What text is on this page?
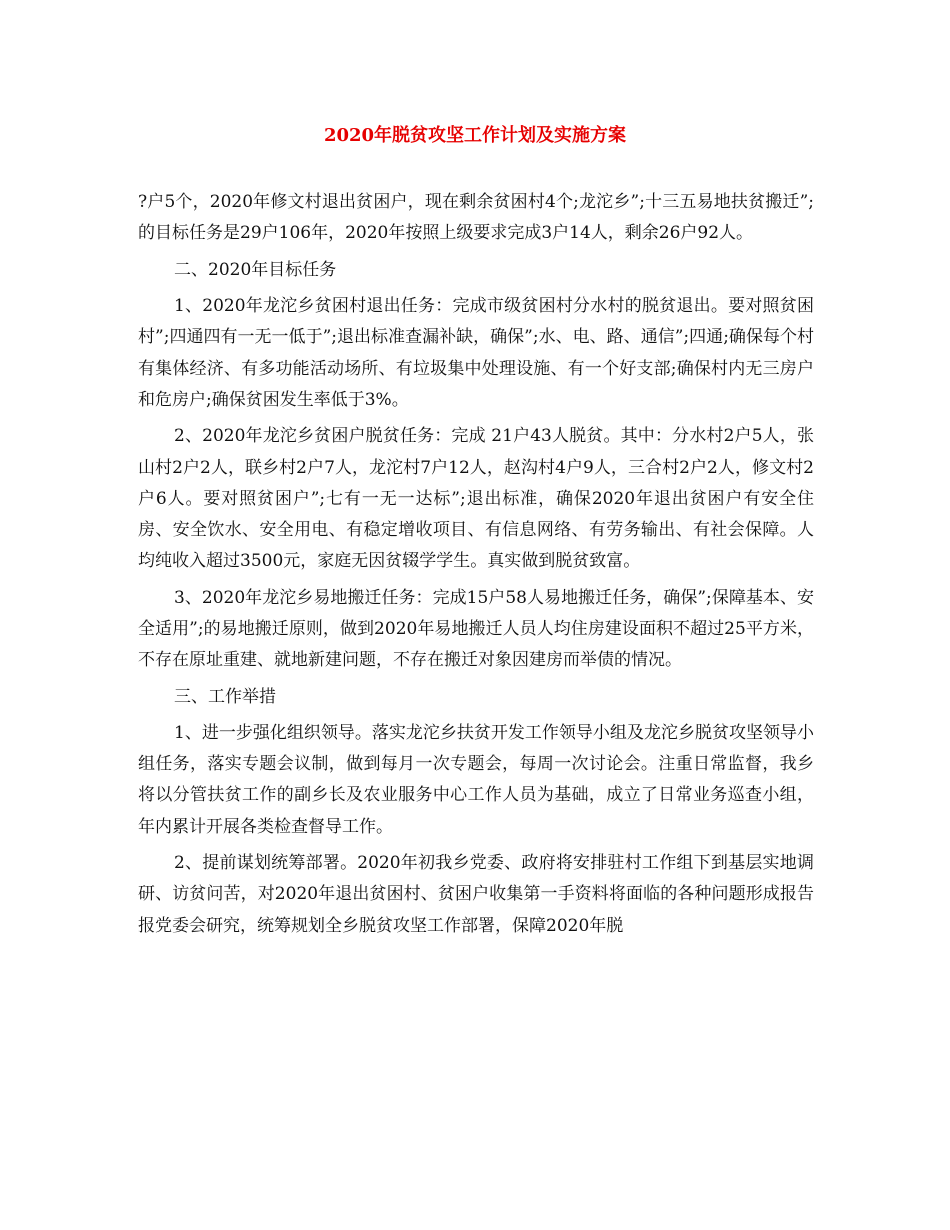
2020年脱贫攻坚工作计划及实施方案

?户5个，2020年修文村退出贫困户，现在剩余贫困村4个;龙沱乡”;十三五易地扶贫搬迁”;的目标任务是29户106年，2020年按照上级要求完成3户14人，剩余26户92人。

二、2020年目标任务

1、2020年龙沱乡贫困村退出任务：完成市级贫困村分水村的脱贫退出。要对照贫困村”;四通四有一无一低于”;退出标准查漏补缺，确保”;水、电、路、通信”;四通;确保每个村有集体经济、有多功能活动场所、有垃圾集中处理设施、有一个好支部;确保村内无三房户和危房户;确保贫困发生率低于3%。

2、2020年龙沱乡贫困户脱贫任务：完成 21户43人脱贫。其中：分水村2户5人，张山村2户2人，联乡村2户7人，龙沱村7户12人，赵沟村4户9人，三合村2户2人，修文村2户6人。要对照贫困户”;七有一无一达标”;退出标准，确保2020年退出贫困户有安全住房、安全饮水、安全用电、有稳定增收项目、有信息网络、有劳务输出、有社会保障。人均纯收入超过3500元，家庭无因贫辍学学生。真实做到脱贫致富。

3、2020年龙沱乡易地搬迁任务：完成15户58人易地搬迁任务，确保”;保障基本、安全适用”;的易地搬迁原则，做到2020年易地搬迁人员人均住房建设面积不超过25平方米，不存在原址重建、就地新建问题，不存在搬迁对象因建房而举债的情况。

三、工作举措

1、进一步强化组织领导。落实龙沱乡扶贫开发工作领导小组及龙沱乡脱贫攻坚领导小组任务，落实专题会议制，做到每月一次专题会，每周一次讨论会。注重日常监督，我乡将以分管扶贫工作的副乡长及农业服务中心工作人员为基础，成立了日常业务巡查小组，年内累计开展各类检查督导工作。

2、提前谋划统筹部署。2020年初我乡党委、政府将安排驻村工作组下到基层实地调研、访贫问苦，对2020年退出贫困村、贫困户收集第一手资料将面临的各种问题形成报告报党委会研究，统筹规划全乡脱贫攻坚工作部署，保障2020年脱
